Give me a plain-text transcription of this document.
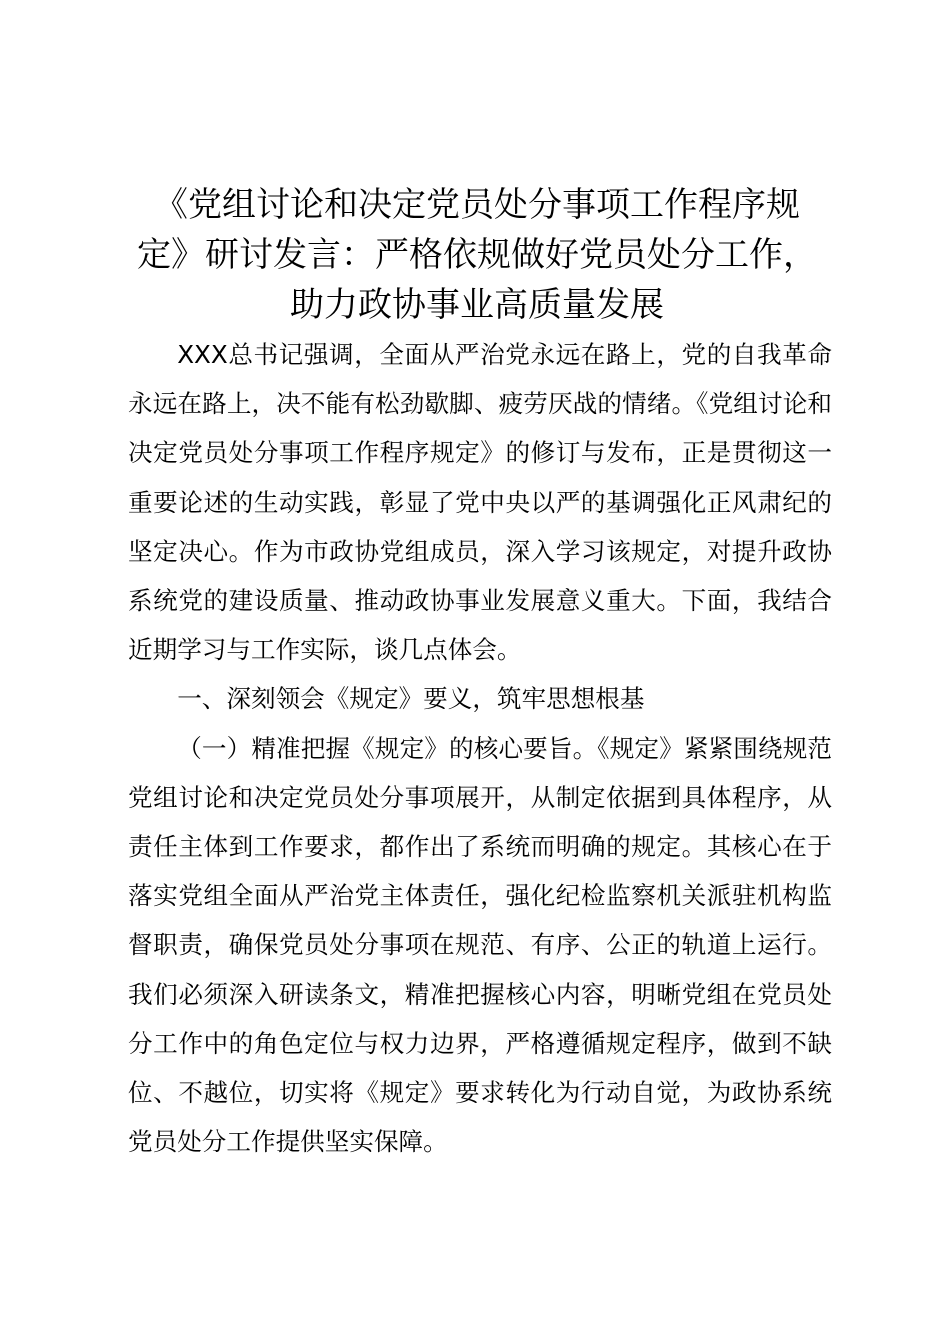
《党组讨论和决定党员处分事项工作程序规
定》研讨发言：严格依规做好党员处分工作，
助力政协事业高质量发展

XXX总书记强调，全面从严治党永远在路上，党的自我革命永远在路上，决不能有松劲歇脚、疲劳厌战的情绪。《党组讨论和决定党员处分事项工作程序规定》的修订与发布，正是贯彻这一重要论述的生动实践，彰显了党中央以严的基调强化正风肃纪的坚定决心。作为市政协党组成员，深入学习该规定，对提升政协系统党的建设质量、推动政协事业发展意义重大。下面，我结合近期学习与工作实际，谈几点体会。

一、深刻领会《规定》要义，筑牢思想根基

（一）精准把握《规定》的核心要旨。《规定》紧紧围绕规范党组讨论和决定党员处分事项展开，从制定依据到具体程序，从责任主体到工作要求，都作出了系统而明确的规定。其核心在于落实党组全面从严治党主体责任，强化纪检监察机关派驻机构监督职责，确保党员处分事项在规范、有序、公正的轨道上运行。我们必须深入研读条文，精准把握核心内容，明晰党组在党员处分工作中的角色定位与权力边界，严格遵循规定程序，做到不缺位、不越位，切实将《规定》要求转化为行动自觉，为政协系统党员处分工作提供坚实保障。
